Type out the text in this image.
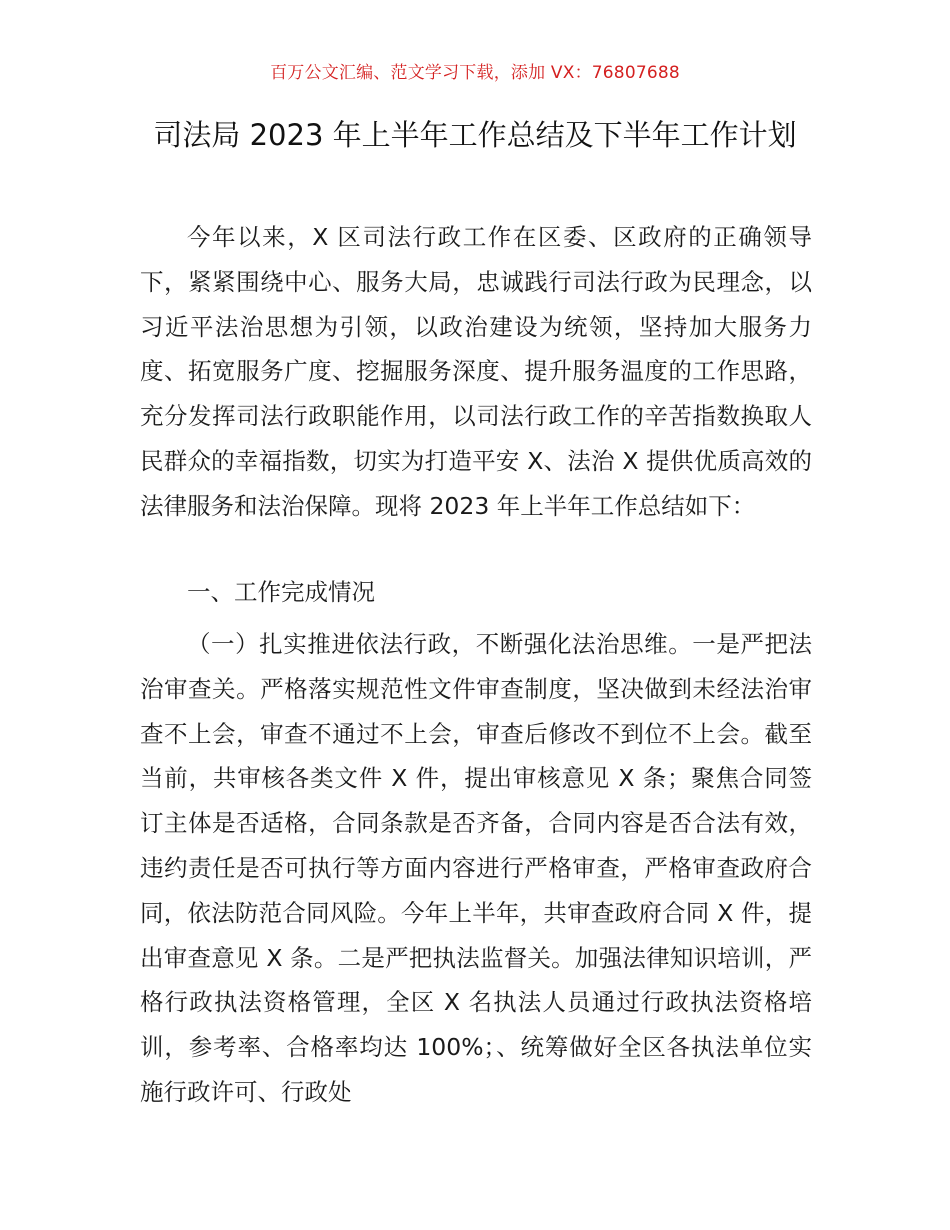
百万公文汇编、范文学习下载，添加 VX：76807688
司法局 2023 年上半年工作总结及下半年工作计划

今年以来，X 区司法行政工作在区委、区政府的正确领导下，紧紧围绕中心、服务大局，忠诚践行司法行政为民理念，以习近平法治思想为引领，以政治建设为统领，坚持加大服务力度、拓宽服务广度、挖掘服务深度、提升服务温度的工作思路，充分发挥司法行政职能作用，以司法行政工作的辛苦指数换取人民群众的幸福指数，切实为打造平安 X、法治 X 提供优质高效的法律服务和法治保障。现将 2023 年上半年工作总结如下：

一、工作完成情况

（一）扎实推进依法行政，不断强化法治思维。一是严把法治审查关。严格落实规范性文件审查制度，坚决做到未经法治审查不上会，审查不通过不上会，审查后修改不到位不上会。截至当前，共审核各类文件 X 件，提出审核意见 X 条；聚焦合同签订主体是否适格，合同条款是否齐备，合同内容是否合法有效，违约责任是否可执行等方面内容进行严格审查，严格审查政府合同，依法防范合同风险。今年上半年，共审查政府合同 X 件，提出审查意见 X 条。二是严把执法监督关。加强法律知识培训，严格行政执法资格管理，全区 X 名执法人员通过行政执法资格培训，参考率、合格率均达 100%；、统筹做好全区各执法单位实施行政许可、行政处
